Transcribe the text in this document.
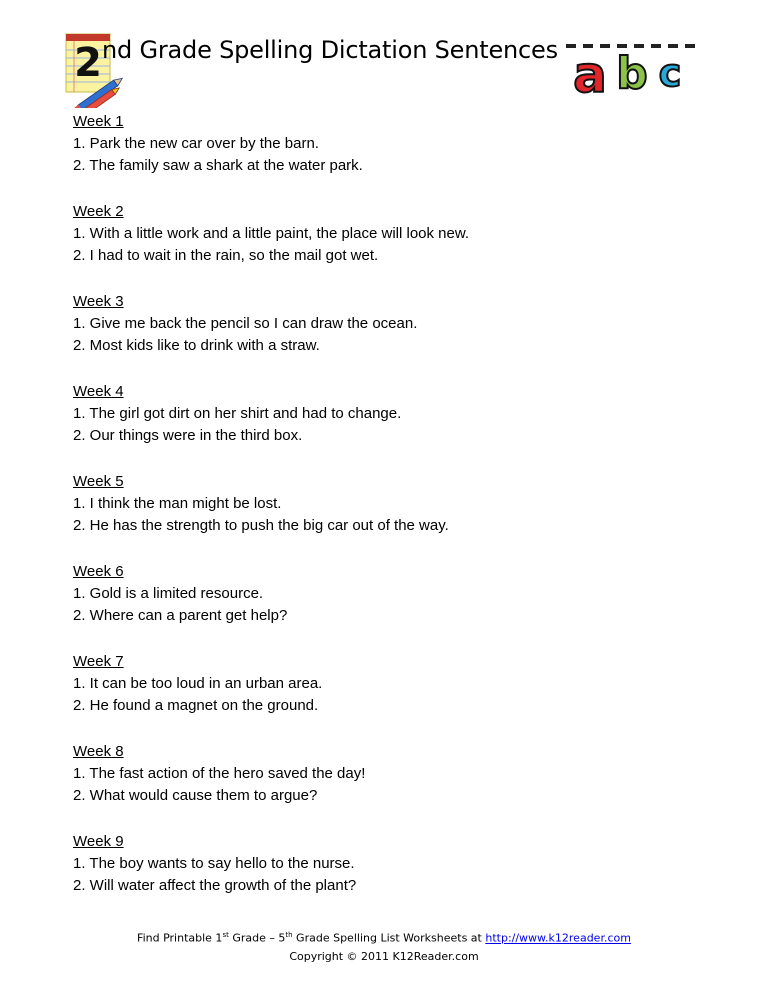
2 nd Grade Spelling Dictation Sentences a b c
Week 1
1. Park the new car over by the barn.
2. The family saw a shark at the water park.
Week 2
1. With a little work and a little paint, the place will look new.
2. I had to wait in the rain, so the mail got wet.
Week 3
1. Give me back the pencil so I can draw the ocean.
2. Most kids like to drink with a straw.
Week 4
1. The girl got dirt on her shirt and had to change.
2. Our things were in the third box.
Week 5
1. I think the man might be lost.
2. He has the strength to push the big car out of the way.
Week 6
1. Gold is a limited resource.
2. Where can a parent get help?
Week 7
1. It can be too loud in an urban area.
2. He found a magnet on the ground.
Week 8
1. The fast action of the hero saved the day!
2. What would cause them to argue?
Week 9
1. The boy wants to say hello to the nurse.
2. Will water affect the growth of the plant?
Find Printable 1st Grade – 5th Grade Spelling List Worksheets at http://www.k12reader.com
Copyright © 2011 K12Reader.com
